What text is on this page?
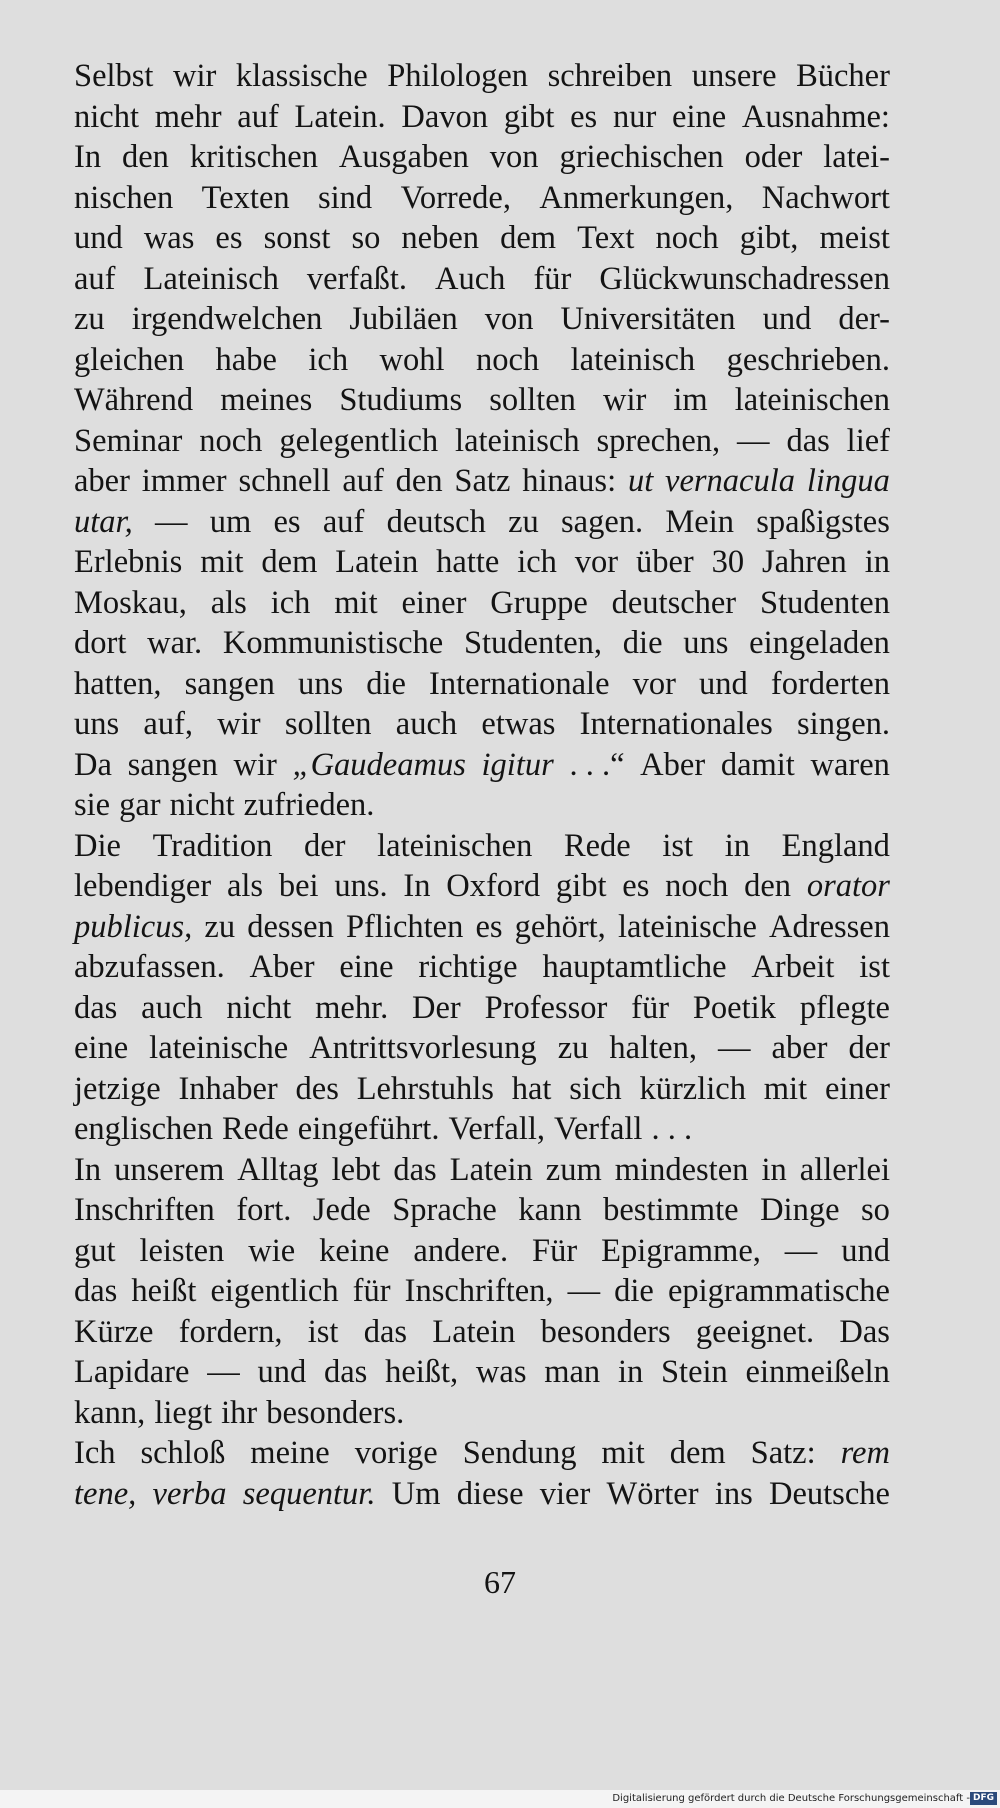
Selbst wir klassische Philologen schreiben unsere Bücher
nicht mehr auf Latein. Davon gibt es nur eine Ausnahme:
In den kritischen Ausgaben von griechischen oder latei-
nischen Texten sind Vorrede, Anmerkungen, Nachwort
und was es sonst so neben dem Text noch gibt, meist
auf Lateinisch verfaßt. Auch für Glückwunschadressen
zu irgendwelchen Jubiläen von Universitäten und der-
gleichen habe ich wohl noch lateinisch geschrieben.
Während meines Studiums sollten wir im lateinischen
Seminar noch gelegentlich lateinisch sprechen, — das lief
aber immer schnell auf den Satz hinaus: ut vernacula lingua
utar, — um es auf deutsch zu sagen. Mein spaßigstes
Erlebnis mit dem Latein hatte ich vor über 30 Jahren in
Moskau, als ich mit einer Gruppe deutscher Studenten
dort war. Kommunistische Studenten, die uns eingeladen
hatten, sangen uns die Internationale vor und forderten
uns auf, wir sollten auch etwas Internationales singen.
Da sangen wir „Gaudeamus igitur . . .“ Aber damit waren
sie gar nicht zufrieden.
Die Tradition der lateinischen Rede ist in England
lebendiger als bei uns. In Oxford gibt es noch den orator
publicus, zu dessen Pflichten es gehört, lateinische Adressen
abzufassen. Aber eine richtige hauptamtliche Arbeit ist
das auch nicht mehr. Der Professor für Poetik pflegte
eine lateinische Antrittsvorlesung zu halten, — aber der
jetzige Inhaber des Lehrstuhls hat sich kürzlich mit einer
englischen Rede eingeführt. Verfall, Verfall . . .
In unserem Alltag lebt das Latein zum mindesten in allerlei
Inschriften fort. Jede Sprache kann bestimmte Dinge so
gut leisten wie keine andere. Für Epigramme, — und
das heißt eigentlich für Inschriften, — die epigrammatische
Kürze fordern, ist das Latein besonders geeignet. Das
Lapidare — und das heißt, was man in Stein einmeißeln
kann, liegt ihr besonders.
Ich schloß meine vorige Sendung mit dem Satz: rem
tene, verba sequentur. Um diese vier Wörter ins Deutsche
67
Digitalisierung gefördert durch die Deutsche Forschungsgemeinschaft - DFG
